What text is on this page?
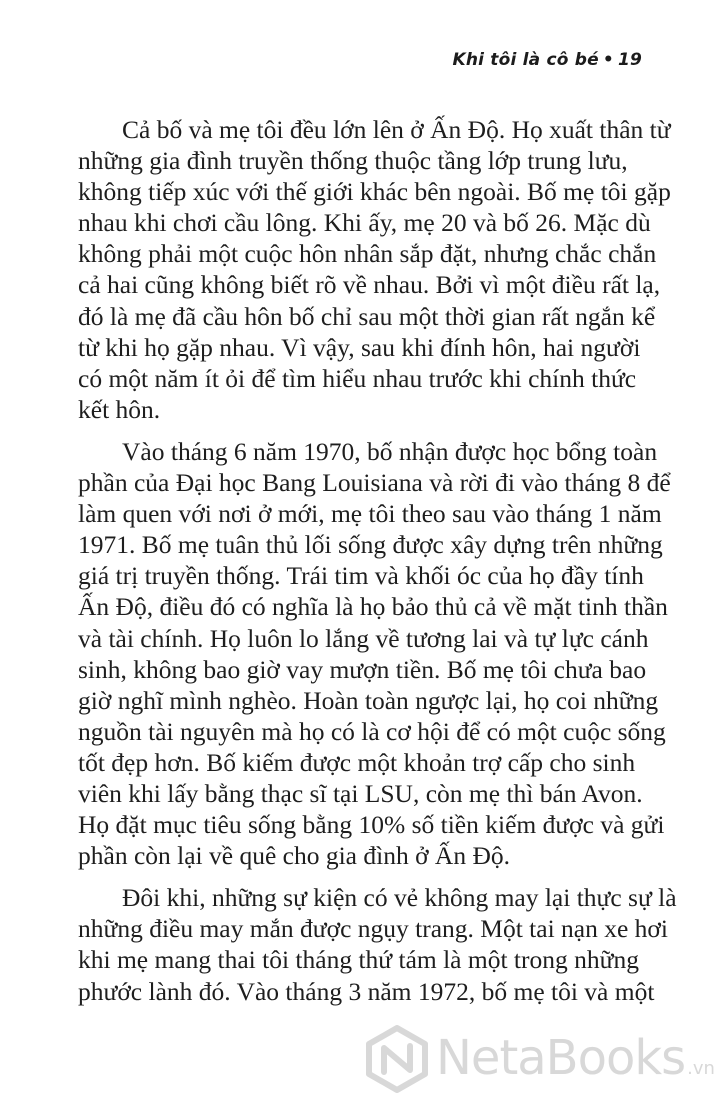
Khi tôi là cô bé • 19
Cả bố và mẹ tôi đều lớn lên ở Ấn Độ. Họ xuất thân từ
những gia đình truyền thống thuộc tầng lớp trung lưu,
không tiếp xúc với thế giới khác bên ngoài. Bố mẹ tôi gặp
nhau khi chơi cầu lông. Khi ấy, mẹ 20 và bố 26. Mặc dù
không phải một cuộc hôn nhân sắp đặt, nhưng chắc chắn
cả hai cũng không biết rõ về nhau. Bởi vì một điều rất lạ,
đó là mẹ đã cầu hôn bố chỉ sau một thời gian rất ngắn kể
từ khi họ gặp nhau. Vì vậy, sau khi đính hôn, hai người
có một năm ít ỏi để tìm hiểu nhau trước khi chính thức
kết hôn.
Vào tháng 6 năm 1970, bố nhận được học bổng toàn
phần của Đại học Bang Louisiana và rời đi vào tháng 8 để
làm quen với nơi ở mới, mẹ tôi theo sau vào tháng 1 năm
1971. Bố mẹ tuân thủ lối sống được xây dựng trên những
giá trị truyền thống. Trái tim và khối óc của họ đầy tính
Ấn Độ, điều đó có nghĩa là họ bảo thủ cả về mặt tinh thần
và tài chính. Họ luôn lo lắng về tương lai và tự lực cánh
sinh, không bao giờ vay mượn tiền. Bố mẹ tôi chưa bao
giờ nghĩ mình nghèo. Hoàn toàn ngược lại, họ coi những
nguồn tài nguyên mà họ có là cơ hội để có một cuộc sống
tốt đẹp hơn. Bố kiếm được một khoản trợ cấp cho sinh
viên khi lấy bằng thạc sĩ tại LSU, còn mẹ thì bán Avon.
Họ đặt mục tiêu sống bằng 10% số tiền kiếm được và gửi
phần còn lại về quê cho gia đình ở Ấn Độ.
Đôi khi, những sự kiện có vẻ không may lại thực sự là
những điều may mắn được ngụy trang. Một tai nạn xe hơi
khi mẹ mang thai tôi tháng thứ tám là một trong những
phước lành đó. Vào tháng 3 năm 1972, bố mẹ tôi và một
NetaBooks .vn
